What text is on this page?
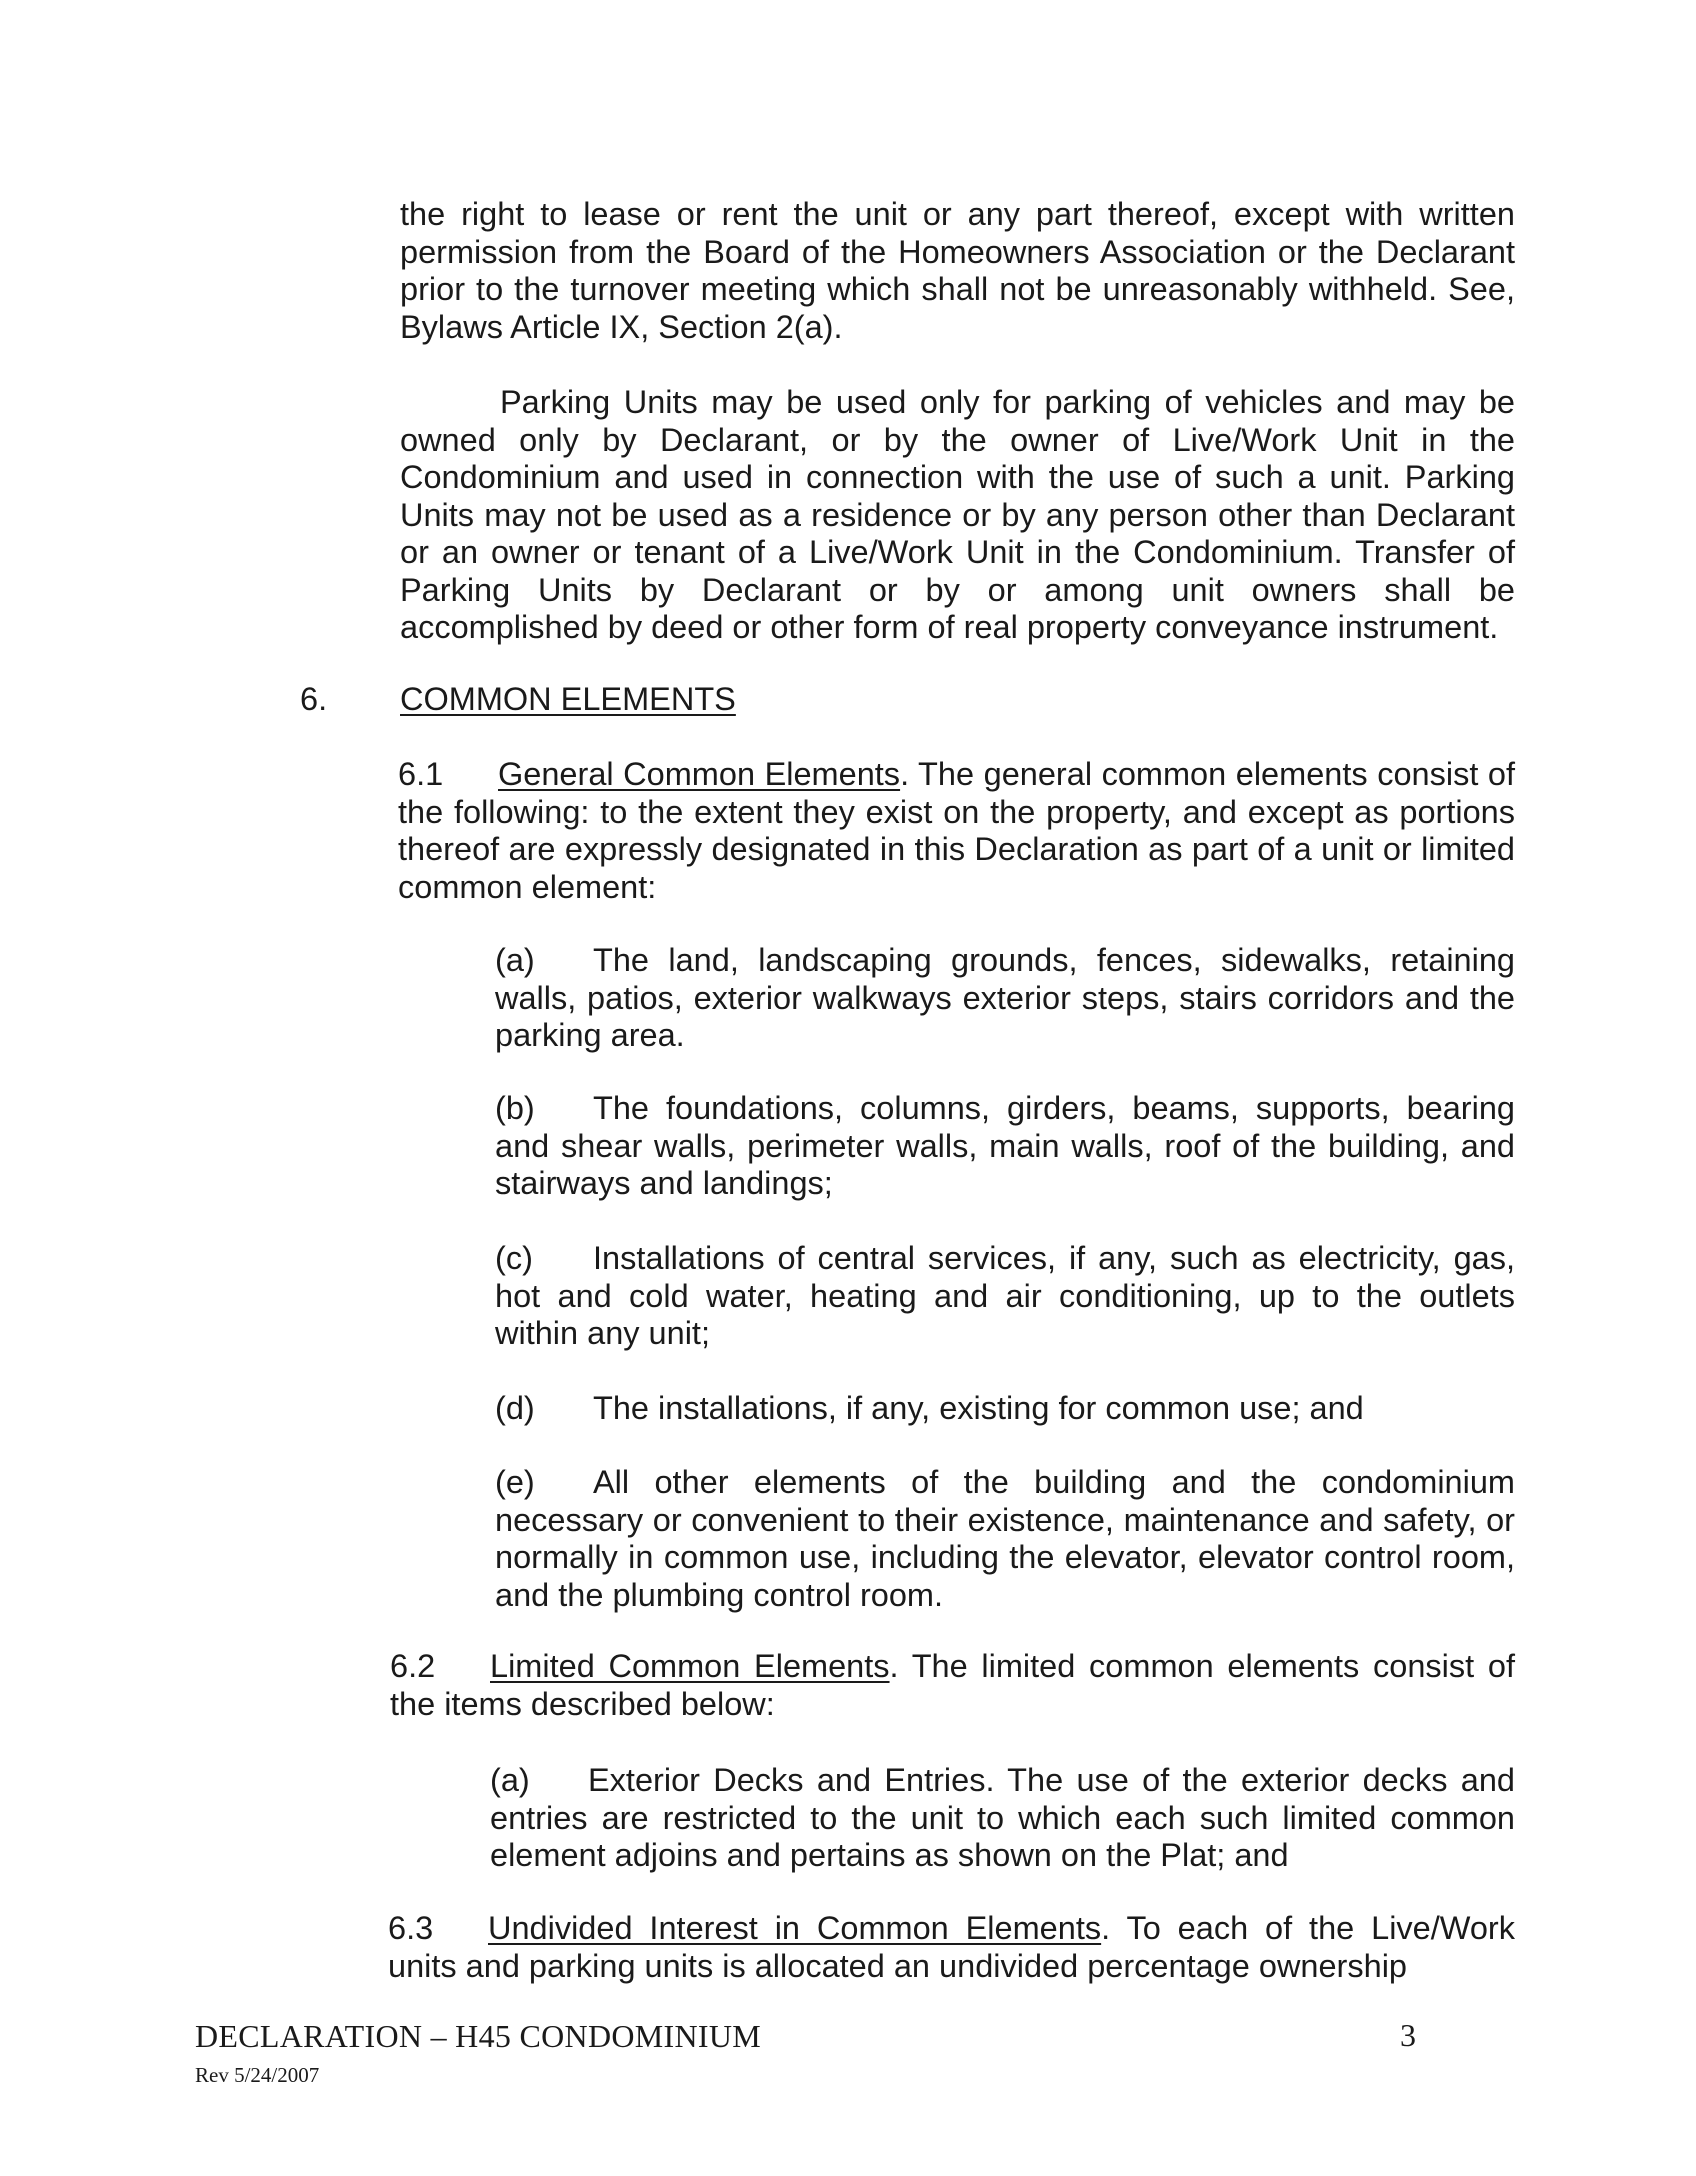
the right to lease or rent the unit or any part thereof, except with written permission from the Board of the Homeowners Association or the Declarant prior to the turnover meeting which shall not be unreasonably withheld. See, Bylaws Article IX, Section 2(a).

Parking Units may be used only for parking of vehicles and may be owned only by Declarant, or by the owner of Live/Work Unit in the Condominium and used in connection with the use of such a unit. Parking Units may not be used as a residence or by any person other than Declarant or an owner or tenant of a Live/Work Unit in the Condominium. Transfer of Parking Units by Declarant or by or among unit owners shall be accomplished by deed or other form of real property conveyance instrument.

6. COMMON ELEMENTS

6.1 General Common Elements. The general common elements consist of the following: to the extent they exist on the property, and except as portions thereof are expressly designated in this Declaration as part of a unit or limited common element:

(a) The land, landscaping grounds, fences, sidewalks, retaining walls, patios, exterior walkways exterior steps, stairs corridors and the parking area.

(b) The foundations, columns, girders, beams, supports, bearing and shear walls, perimeter walls, main walls, roof of the building, and stairways and landings;

(c) Installations of central services, if any, such as electricity, gas, hot and cold water, heating and air conditioning, up to the outlets within any unit;

(d) The installations, if any, existing for common use; and

(e) All other elements of the building and the condominium necessary or convenient to their existence, maintenance and safety, or normally in common use, including the elevator, elevator control room, and the plumbing control room.

6.2 Limited Common Elements. The limited common elements consist of the items described below:

(a) Exterior Decks and Entries. The use of the exterior decks and entries are restricted to the unit to which each such limited common element adjoins and pertains as shown on the Plat; and

6.3 Undivided Interest in Common Elements. To each of the Live/Work units and parking units is allocated an undivided percentage ownership

DECLARATION – H45 CONDOMINIUM
Rev 5/24/2007
3
